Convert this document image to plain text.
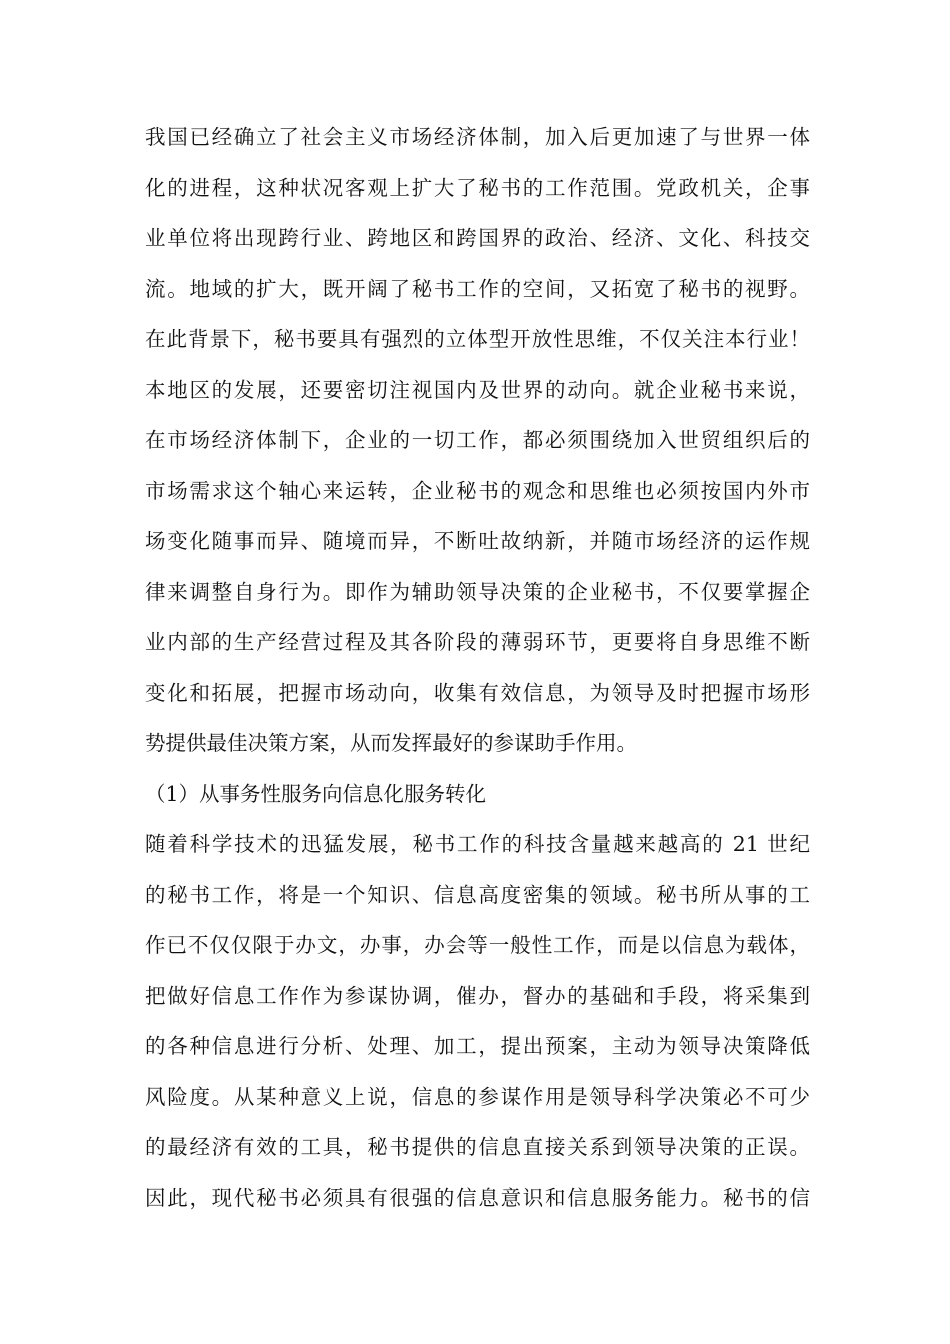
我国已经确立了社会主义市场经济体制，加入后更加速了与世界一体
化的进程，这种状况客观上扩大了秘书的工作范围。党政机关，企事
业单位将出现跨行业、跨地区和跨国界的政治、经济、文化、科技交
流。地域的扩大，既开阔了秘书工作的空间，又拓宽了秘书的视野。
在此背景下，秘书要具有强烈的立体型开放性思维，不仅关注本行业！
本地区的发展，还要密切注视国内及世界的动向。就企业秘书来说，
在市场经济体制下，企业的一切工作，都必须围绕加入世贸组织后的
市场需求这个轴心来运转，企业秘书的观念和思维也必须按国内外市
场变化随事而异、随境而异，不断吐故纳新，并随市场经济的运作规
律来调整自身行为。即作为辅助领导决策的企业秘书，不仅要掌握企
业内部的生产经营过程及其各阶段的薄弱环节，更要将自身思维不断
变化和拓展，把握市场动向，收集有效信息，为领导及时把握市场形
势提供最佳决策方案，从而发挥最好的参谋助手作用。
（1）从事务性服务向信息化服务转化
随着科学技术的迅猛发展，秘书工作的科技含量越来越高的 21 世纪
的秘书工作，将是一个知识、信息高度密集的领域。秘书所从事的工
作已不仅仅限于办文，办事，办会等一般性工作，而是以信息为载体，
把做好信息工作作为参谋协调，催办，督办的基础和手段，将采集到
的各种信息进行分析、处理、加工，提出预案，主动为领导决策降低
风险度。从某种意义上说，信息的参谋作用是领导科学决策必不可少
的最经济有效的工具，秘书提供的信息直接关系到领导决策的正误。
因此，现代秘书必须具有很强的信息意识和信息服务能力。秘书的信
